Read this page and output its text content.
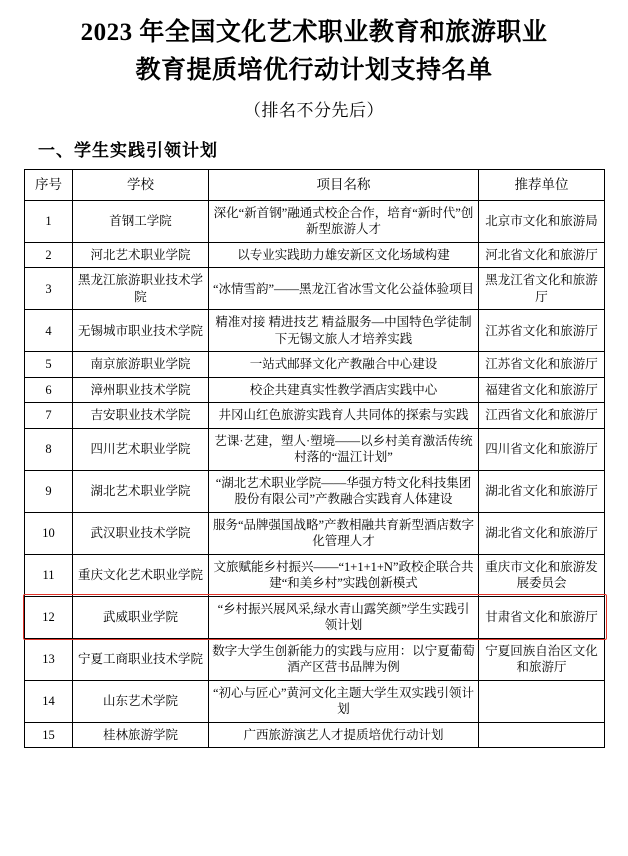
2023 年全国文化艺术职业教育和旅游职业
教育提质培优行动计划支持名单
（排名不分先后）
一、学生实践引领计划
序号	学校	项目名称	推荐单位
1	首钢工学院	深化“新首钢”融通式校企合作，培育“新时代”创新型旅游人才	北京市文化和旅游局
2	河北艺术职业学院	以专业实践助力雄安新区文化场域构建	河北省文化和旅游厅
3	黑龙江旅游职业技术学院	“冰情雪韵”——黑龙江省冰雪文化公益体验项目	黑龙江省文化和旅游厅
4	无锡城市职业技术学院	精准对接 精进技艺 精益服务—中国特色学徒制下无锡文旅人才培养实践	江苏省文化和旅游厅
5	南京旅游职业学院	一站式邮驿文化产教融合中心建设	江苏省文化和旅游厅
6	漳州职业技术学院	校企共建真实性教学酒店实践中心	福建省文化和旅游厅
7	吉安职业技术学院	井冈山红色旅游实践育人共同体的探索与实践	江西省文化和旅游厅
8	四川艺术职业学院	艺课·艺建，塑人·塑境——以乡村美育激活传统村落的“温江计划”	四川省文化和旅游厅
9	湖北艺术职业学院	“湖北艺术职业学院——华强方特文化科技集团股份有限公司”产教融合实践育人体建设	湖北省文化和旅游厅
10	武汉职业技术学院	服务“品牌强国战略”产教相融共育新型酒店数字化管理人才	湖北省文化和旅游厅
11	重庆文化艺术职业学院	文旅赋能乡村振兴——“1+1+1+N”政校企联合共建“和美乡村”实践创新模式	重庆市文化和旅游发展委员会
12	武威职业学院	“乡村振兴展风采,绿水青山露笑颜”学生实践引领计划	甘肃省文化和旅游厅
13	宁夏工商职业技术学院	数字大学生创新能力的实践与应用：以宁夏葡萄酒产区营书品牌为例	宁夏回族自治区文化和旅游厅
14	山东艺术学院	“初心与匠心”黄河文化主题大学生双实践引领计划	
15	桂林旅游学院	广西旅游演艺人才提质培优行动计划	
